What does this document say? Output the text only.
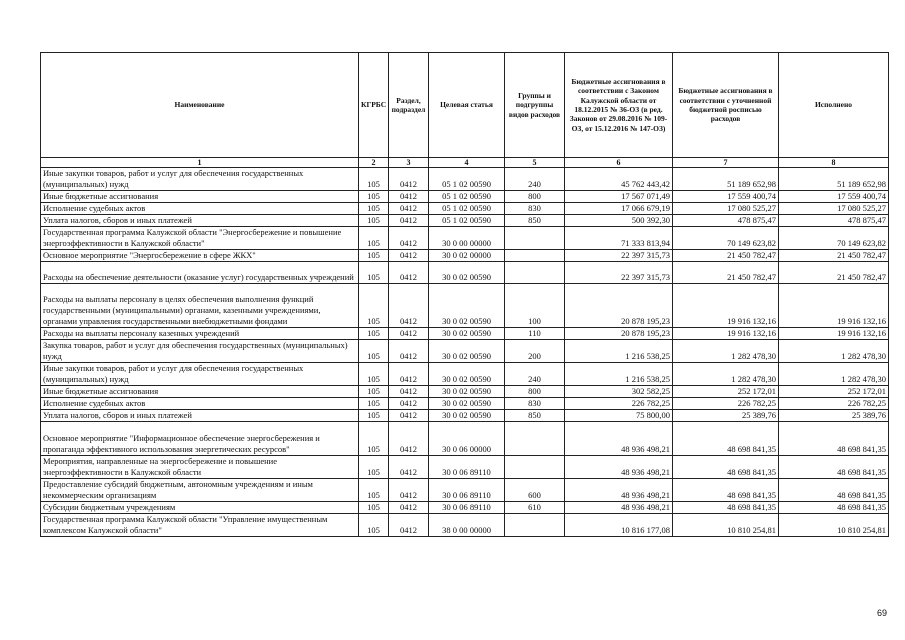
Наименование	КГРБС	Раздел, подраздел	Целевая статья	Группы и подгруппы видов расходов	Бюджетные ассигнования в соответствии с Законом Калужской области от 18.12.2015 № 36-ОЗ (в ред. Законов от 29.08.2016 № 109-ОЗ, от 15.12.2016 № 147-ОЗ)	Бюджетные ассигнования в соответствии с уточненной бюджетной росписью расходов	Исполнено
1	2	3	4	5	6	7	8
Иные закупки товаров, работ и услуг для обеспечения государственных (муниципальных) нужд	105	0412	05 1 02 00590	240	45 762 443,42	51 189 652,98	51 189 652,98
Иные бюджетные ассигнования	105	0412	05 1 02 00590	800	17 567 071,49	17 559 400,74	17 559 400,74
Исполнение судебных актов	105	0412	05 1 02 00590	830	17 066 679,19	17 080 525,27	17 080 525,27
Уплата налогов, сборов и иных платежей	105	0412	05 1 02 00590	850	500 392,30	478 875,47	478 875,47
Государственная программа Калужской области "Энергосбережение и повышение энергоэффективности в Калужской области"	105	0412	30 0 00 00000		71 333 813,94	70 149 623,82	70 149 623,82
Основное мероприятие "Энергосбережение в сфере ЖКХ"	105	0412	30 0 02 00000		22 397 315,73	21 450 782,47	21 450 782,47
Расходы на обеспечение деятельности (оказание услуг) государственных учреждений	105	0412	30 0 02 00590		22 397 315,73	21 450 782,47	21 450 782,47
Расходы на выплаты персоналу в целях обеспечения выполнения функций государственными (муниципальными) органами, казенными учреждениями, органами управления государственными внебюджетными фондами	105	0412	30 0 02 00590	100	20 878 195,23	19 916 132,16	19 916 132,16
Расходы на выплаты персоналу казенных учреждений	105	0412	30 0 02 00590	110	20 878 195,23	19 916 132,16	19 916 132,16
Закупка товаров, работ и услуг для обеспечения государственных (муниципальных) нужд	105	0412	30 0 02 00590	200	1 216 538,25	1 282 478,30	1 282 478,30
Иные закупки товаров, работ и услуг для обеспечения государственных (муниципальных) нужд	105	0412	30 0 02 00590	240	1 216 538,25	1 282 478,30	1 282 478,30
Иные бюджетные ассигнования	105	0412	30 0 02 00590	800	302 582,25	252 172,01	252 172,01
Исполнение судебных актов	105	0412	30 0 02 00590	830	226 782,25	226 782,25	226 782,25
Уплата налогов, сборов и иных платежей	105	0412	30 0 02 00590	850	75 800,00	25 389,76	25 389,76
Основное мероприятие "Информационное обеспечение энергосбережения и пропаганда эффективного использования энергетических ресурсов"	105	0412	30 0 06 00000		48 936 498,21	48 698 841,35	48 698 841,35
Мероприятия, направленные на энергосбережение и повышение энергоэффективности в Калужской области	105	0412	30 0 06 89110		48 936 498,21	48 698 841,35	48 698 841,35
Предоставление субсидий бюджетным, автономным учреждениям и иным некоммерческим организациям	105	0412	30 0 06 89110	600	48 936 498,21	48 698 841,35	48 698 841,35
Субсидии бюджетным учреждениям	105	0412	30 0 06 89110	610	48 936 498,21	48 698 841,35	48 698 841,35
Государственная программа Калужской области "Управление имущественным комплексом Калужской области"	105	0412	38 0 00 00000		10 816 177,08	10 810 254,81	10 810 254,81
69
